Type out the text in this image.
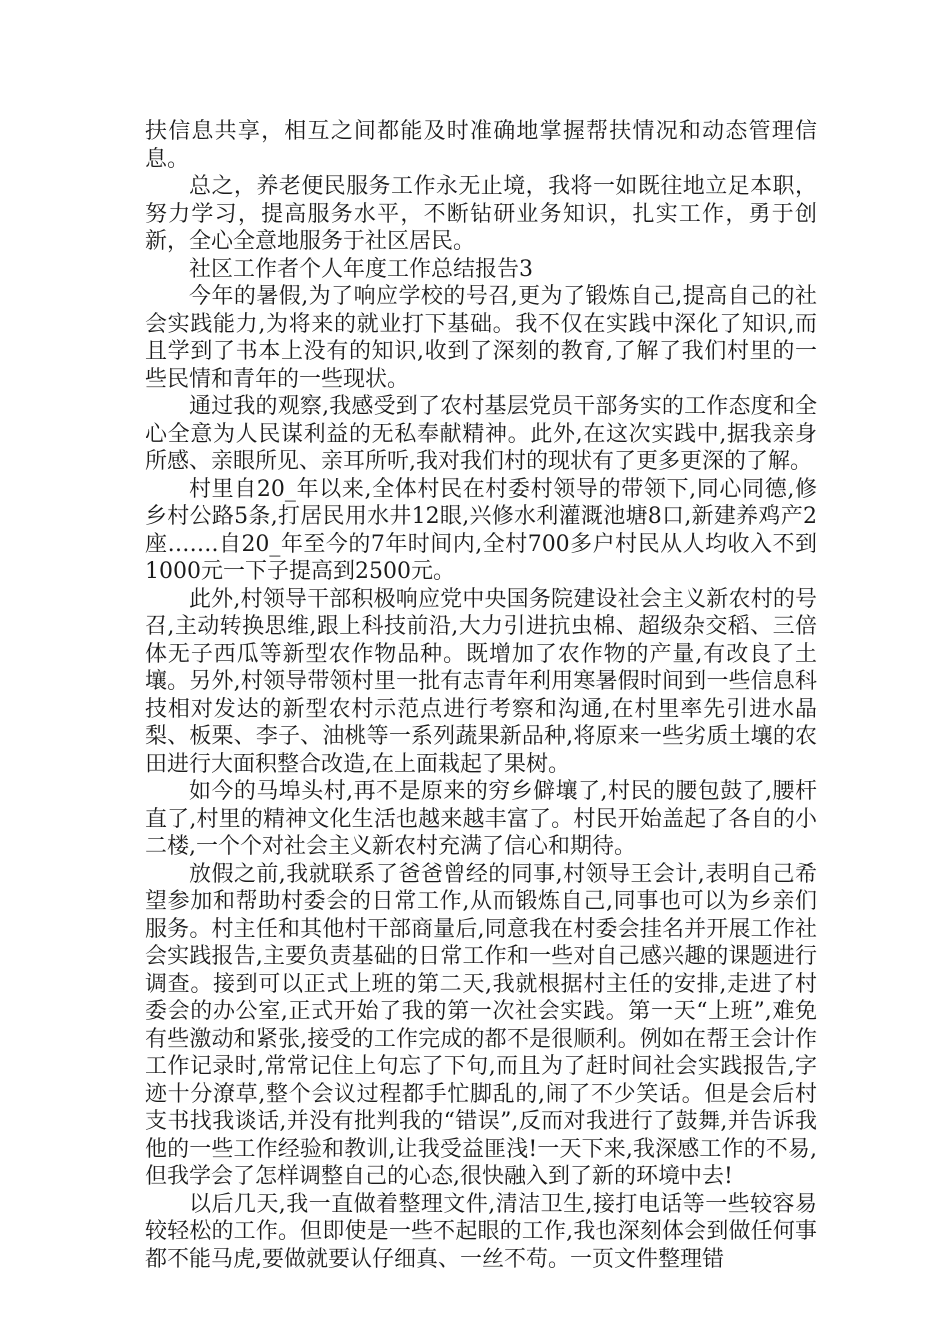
扶信息共享，相互之间都能及时准确地掌握帮扶情况和动态管理信息。

总之，养老便民服务工作永无止境，我将一如既往地立足本职，努力学习，提高服务水平，不断钻研业务知识，扎实工作，勇于创新，全心全意地服务于社区居民。

社区工作者个人年度工作总结报告3

今年的暑假,为了响应学校的号召,更为了锻炼自己,提高自己的社会实践能力,为将来的就业打下基础。我不仅在实践中深化了知识,而且学到了书本上没有的知识,收到了深刻的教育,了解了我们村里的一些民情和青年的一些现状。

通过我的观察,我感受到了农村基层党员干部务实的工作态度和全心全意为人民谋利益的无私奉献精神。此外,在这次实践中,据我亲身所感、亲眼所见、亲耳所听,我对我们村的现状有了更多更深的了解。

村里自20_年以来,全体村民在村委村领导的带领下,同心同德,修乡村公路5条,打居民用水井12眼,兴修水利灌溉池塘8口,新建养鸡产2座…….自20_年至今的7年时间内,全村700多户村民从人均收入不到1000元一下子提高到2500元。

此外,村领导干部积极响应党中央国务院建设社会主义新农村的号召,主动转换思维,跟上科技前沿,大力引进抗虫棉、超级杂交稻、三倍体无子西瓜等新型农作物品种。既增加了农作物的产量,有改良了土壤。另外,村领导带领村里一批有志青年利用寒暑假时间到一些信息科技相对发达的新型农村示范点进行考察和沟通,在村里率先引进水晶梨、板栗、李子、油桃等一系列蔬果新品种,将原来一些劣质土壤的农田进行大面积整合改造,在上面栽起了果树。

如今的马埠头村,再不是原来的穷乡僻壤了,村民的腰包鼓了,腰杆直了,村里的精神文化生活也越来越丰富了。村民开始盖起了各自的小二楼,一个个对社会主义新农村充满了信心和期待。

放假之前,我就联系了爸爸曾经的同事,村领导王会计,表明自己希望参加和帮助村委会的日常工作,从而锻炼自己,同事也可以为乡亲们服务。村主任和其他村干部商量后,同意我在村委会挂名并开展工作社会实践报告,主要负责基础的日常工作和一些对自己感兴趣的课题进行调查。接到可以正式上班的第二天,我就根据村主任的安排,走进了村委会的办公室,正式开始了我的第一次社会实践。第一天“上班”,难免有些激动和紧张,接受的工作完成的都不是很顺利。例如在帮王会计作工作记录时,常常记住上句忘了下句,而且为了赶时间社会实践报告,字迹十分潦草,整个会议过程都手忙脚乱的,闹了不少笑话。但是会后村支书找我谈话,并没有批判我的“错误”,反而对我进行了鼓舞,并告诉我他的一些工作经验和教训,让我受益匪浅!一天下来,我深感工作的不易,但我学会了怎样调整自己的心态,很快融入到了新的环境中去!

以后几天,我一直做着整理文件,清洁卫生,接打电话等一些较容易较轻松的工作。但即使是一些不起眼的工作,我也深刻体会到做任何事都不能马虎,要做就要认仔细真、一丝不苟。一页文件整理错
